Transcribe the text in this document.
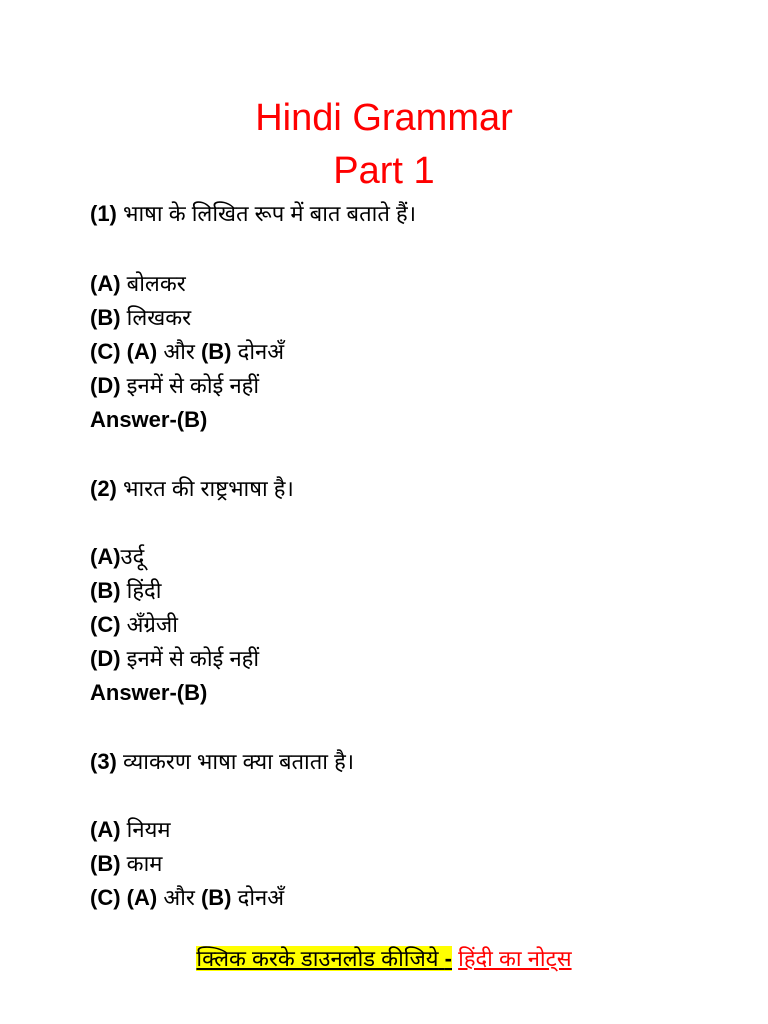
Hindi Grammar
Part 1
(1) भाषा के लिखित रूप में बात बताते हैं।
(A) बोलकर
(B) लिखकर
(C) (A) और (B) दोनअँ
(D) इनमें से कोई नहीं
Answer-(B)
(2) भारत की राष्ट्रभाषा है।
(A)उर्दू
(B) हिंदी
(C) अँग्रेजी
(D) इनमें से कोई नहीं
Answer-(B)
(3) व्याकरण भाषा क्या बताता है।
(A) नियम
(B) काम
(C) (A) और (B) दोनअँ
क्लिक करके डाउनलोड कीजिये - हिंदी का नोट्स
